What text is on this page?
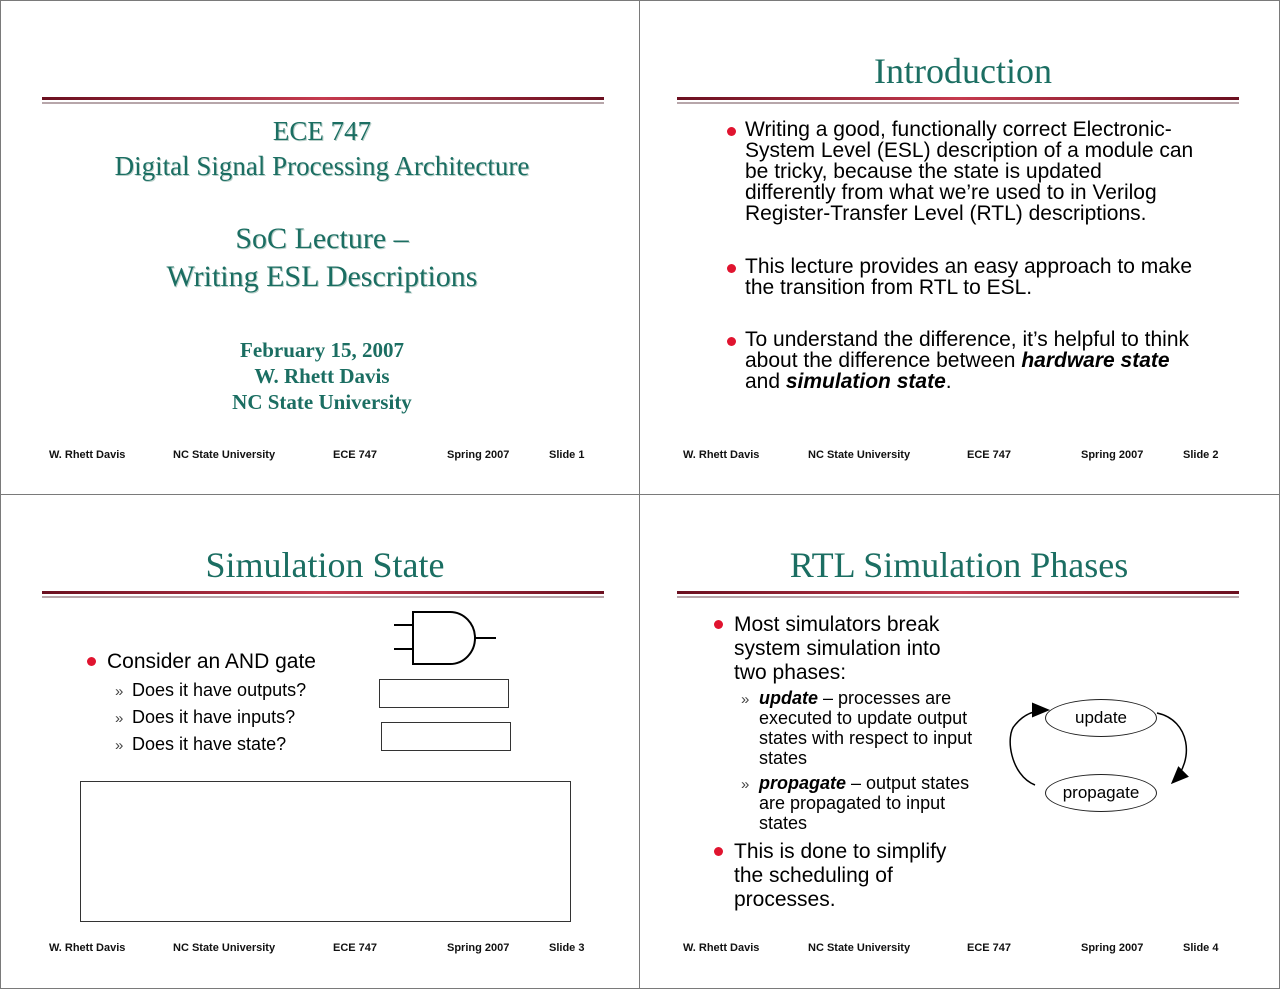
ECE 747
Digital Signal Processing Architecture
SoC Lecture –
Writing ESL Descriptions
February 15, 2007
W. Rhett Davis
NC State University
W. Rhett Davis	NC State University	ECE 747	Spring 2007	Slide 1
Introduction
Writing a good, functionally correct Electronic-
System Level (ESL) description of a module can
be tricky, because the state is updated
differently from what we’re used to in Verilog
Register-Transfer Level (RTL) descriptions.
This lecture provides an easy approach to make
the transition from RTL to ESL.
To understand the difference, it’s helpful to think
about the difference between hardware state
and simulation state.
W. Rhett Davis	NC State University	ECE 747	Spring 2007	Slide 2
Simulation State
Consider an AND gate
» Does it have outputs?
» Does it have inputs?
» Does it have state?
W. Rhett Davis	NC State University	ECE 747	Spring 2007	Slide 3
RTL Simulation Phases
Most simulators break
system simulation into
two phases:
» update – processes are
executed to update output
states with respect to input
states
» propagate – output states
are propagated to input
states
This is done to simplify
the scheduling of
processes.
update
propagate
W. Rhett Davis	NC State University	ECE 747	Spring 2007	Slide 4
